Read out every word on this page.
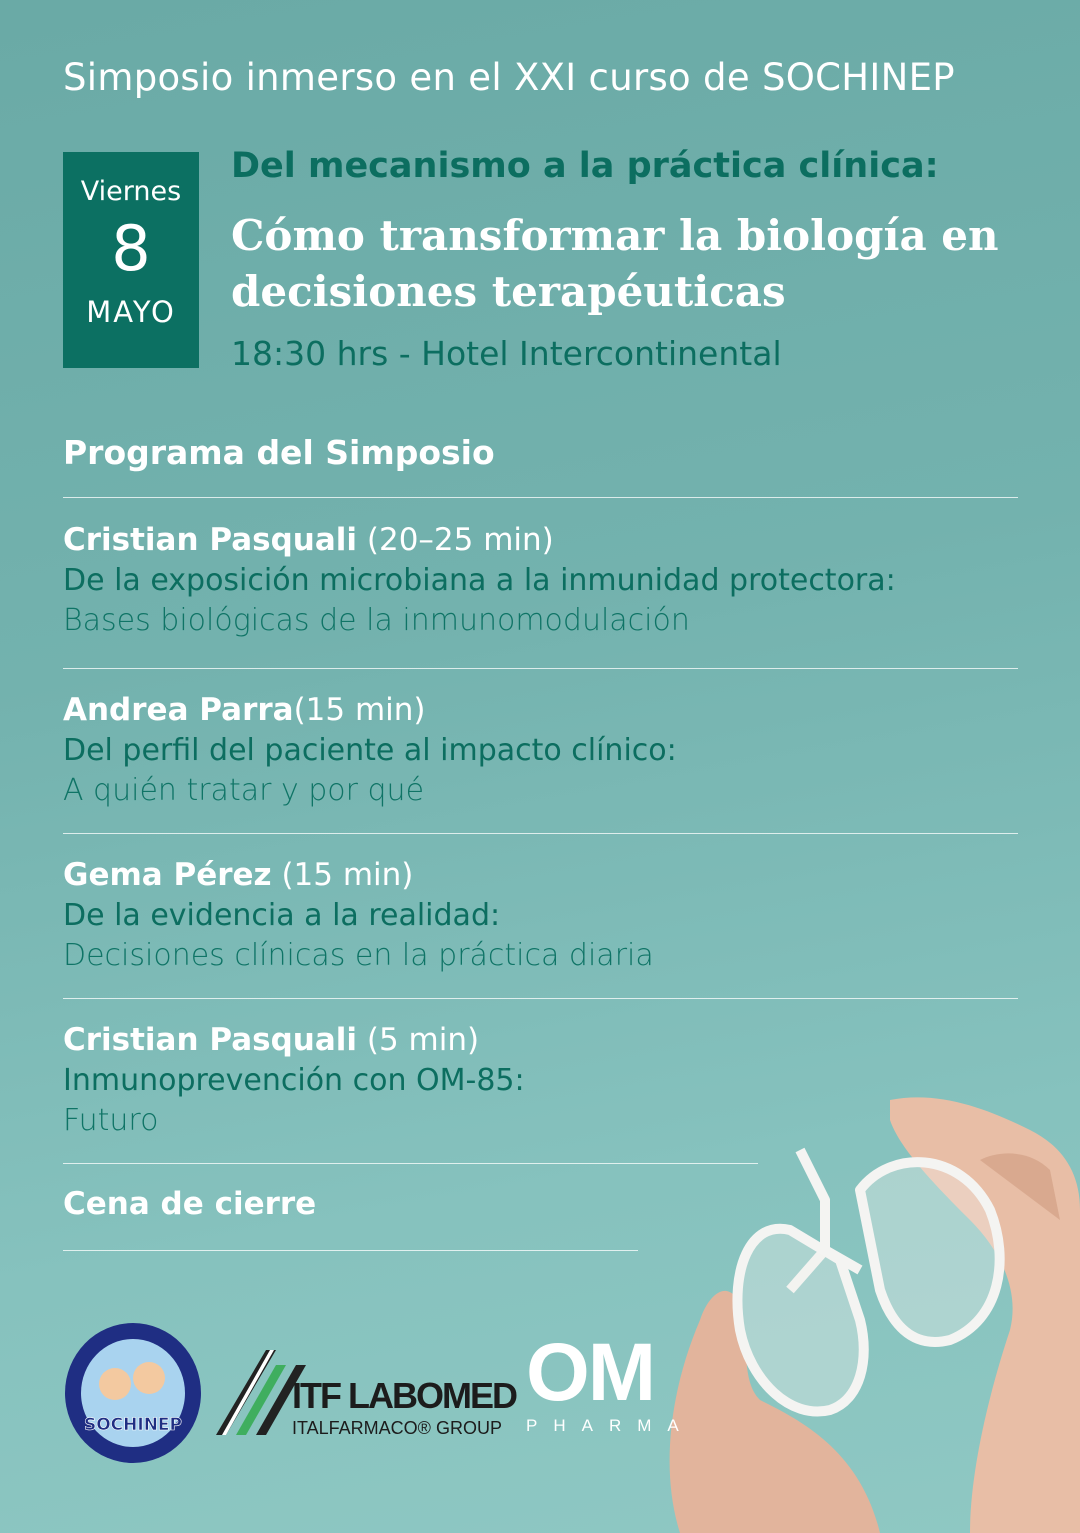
Simposio inmerso en el XXI curso de SOCHINEP
Viernes
8
MAYO
Del mecanismo a la práctica clínica:
Cómo transformar la biología en
decisiones terapéuticas
18:30 hrs - Hotel Intercontinental
Programa del Simposio
Cristian Pasquali (20–25 min)
De la exposición microbiana a la inmunidad protectora:
Bases biológicas de la inmunomodulación
Andrea Parra(15 min)
Del perfil del paciente al impacto clínico:
A quién tratar y por qué
Gema Pérez (15 min)
De la evidencia a la realidad:
Decisiones clínicas en la práctica diaria
Cristian Pasquali (5 min)
Inmunoprevención con OM-85:
Futuro
Cena de cierre
SOCHINEP
ITF LABOMED
ITALFARMACO® GROUP
OM
PHARMA
